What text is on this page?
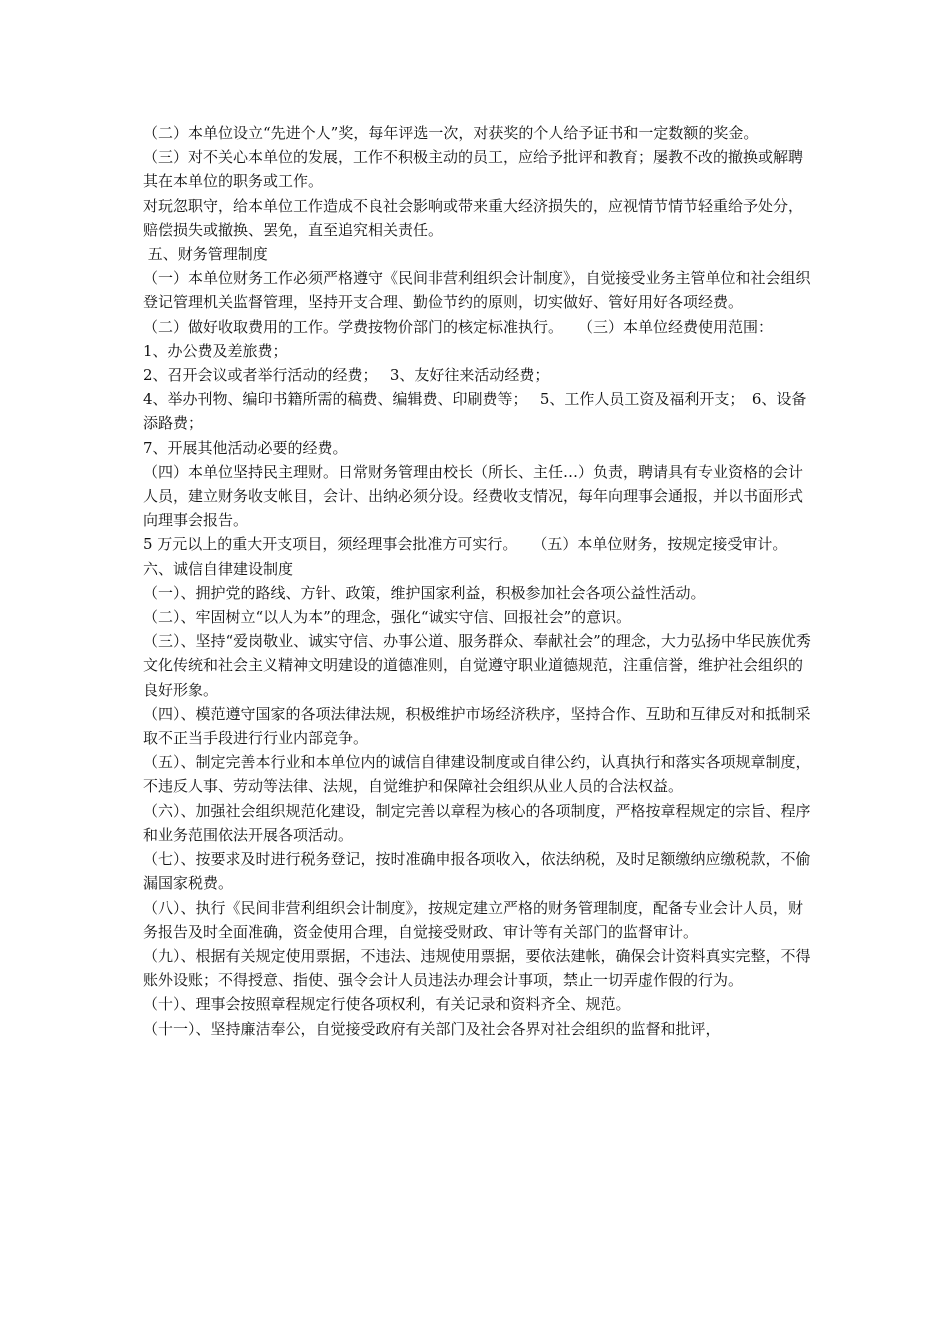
（二）本单位设立“先进个人”奖，每年评选一次，对获奖的个人给予证书和一定数额的奖金。

（三）对不关心本单位的发展，工作不积极主动的员工，应给予批评和教育；屡教不改的撤换或解聘其在本单位的职务或工作。

对玩忽职守，给本单位工作造成不良社会影响或带来重大经济损失的，应视情节情节轻重给予处分，赔偿损失或撤换、罢免，直至追究相关责任。

五、财务管理制度

（一）本单位财务工作必须严格遵守《民间非营利组织会计制度》，自觉接受业务主管单位和社会组织登记管理机关监督管理，坚持开支合理、勤俭节约的原则，切实做好、管好用好各项经费。

（二）做好收取费用的工作。学费按物价部门的核定标准执行。　　（三）本单位经费使用范围：　　　1、办公费及差旅费；

2、召开会议或者举行活动的经费；　 3、友好往来活动经费；

4、举办刊物、编印书籍所需的稿费、编辑费、印刷费等；　 5、工作人员工资及福利开支；　6、设备添路费；

7、开展其他活动必要的经费。

（四）本单位坚持民主理财。日常财务管理由校长（所长、主任…）负责，聘请具有专业资格的会计人员，建立财务收支帐目，会计、出纳必须分设。经费收支情况，每年向理事会通报，并以书面形式向理事会报告。

5 万元以上的重大开支项目，须经理事会批准方可实行。　　（五）本单位财务，按规定接受审计。

六、诚信自律建设制度

（一）、拥护党的路线、方针、政策，维护国家利益，积极参加社会各项公益性活动。

（二）、牢固树立“以人为本”的理念，强化“诚实守信、回报社会”的意识。

（三）、坚持“爱岗敬业、诚实守信、办事公道、服务群众、奉献社会”的理念，大力弘扬中华民族优秀文化传统和社会主义精神文明建设的道德准则，自觉遵守职业道德规范，注重信誉，维护社会组织的良好形象。

（四）、模范遵守国家的各项法律法规，积极维护市场经济秩序，坚持合作、互助和互律反对和抵制采取不正当手段进行行业内部竞争。

（五）、制定完善本行业和本单位内的诚信自律建设制度或自律公约，认真执行和落实各项规章制度，不违反人事、劳动等法律、法规，自觉维护和保障社会组织从业人员的合法权益。

（六）、加强社会组织规范化建设，制定完善以章程为核心的各项制度，严格按章程规定的宗旨、程序和业务范围依法开展各项活动。

（七）、按要求及时进行税务登记，按时准确申报各项收入，依法纳税，及时足额缴纳应缴税款，不偷漏国家税费。

（八）、执行《民间非营利组织会计制度》，按规定建立严格的财务管理制度，配备专业会计人员，财务报告及时全面准确，资金使用合理，自觉接受财政、审计等有关部门的监督审计。

（九）、根据有关规定使用票据，不违法、违规使用票据，要依法建帐，确保会计资料真实完整，不得账外设账；不得授意、指使、强令会计人员违法办理会计事项，禁止一切弄虚作假的行为。

（十）、理事会按照章程规定行使各项权利，有关记录和资料齐全、规范。

（十一）、坚持廉洁奉公，自觉接受政府有关部门及社会各界对社会组织的监督和批评，
